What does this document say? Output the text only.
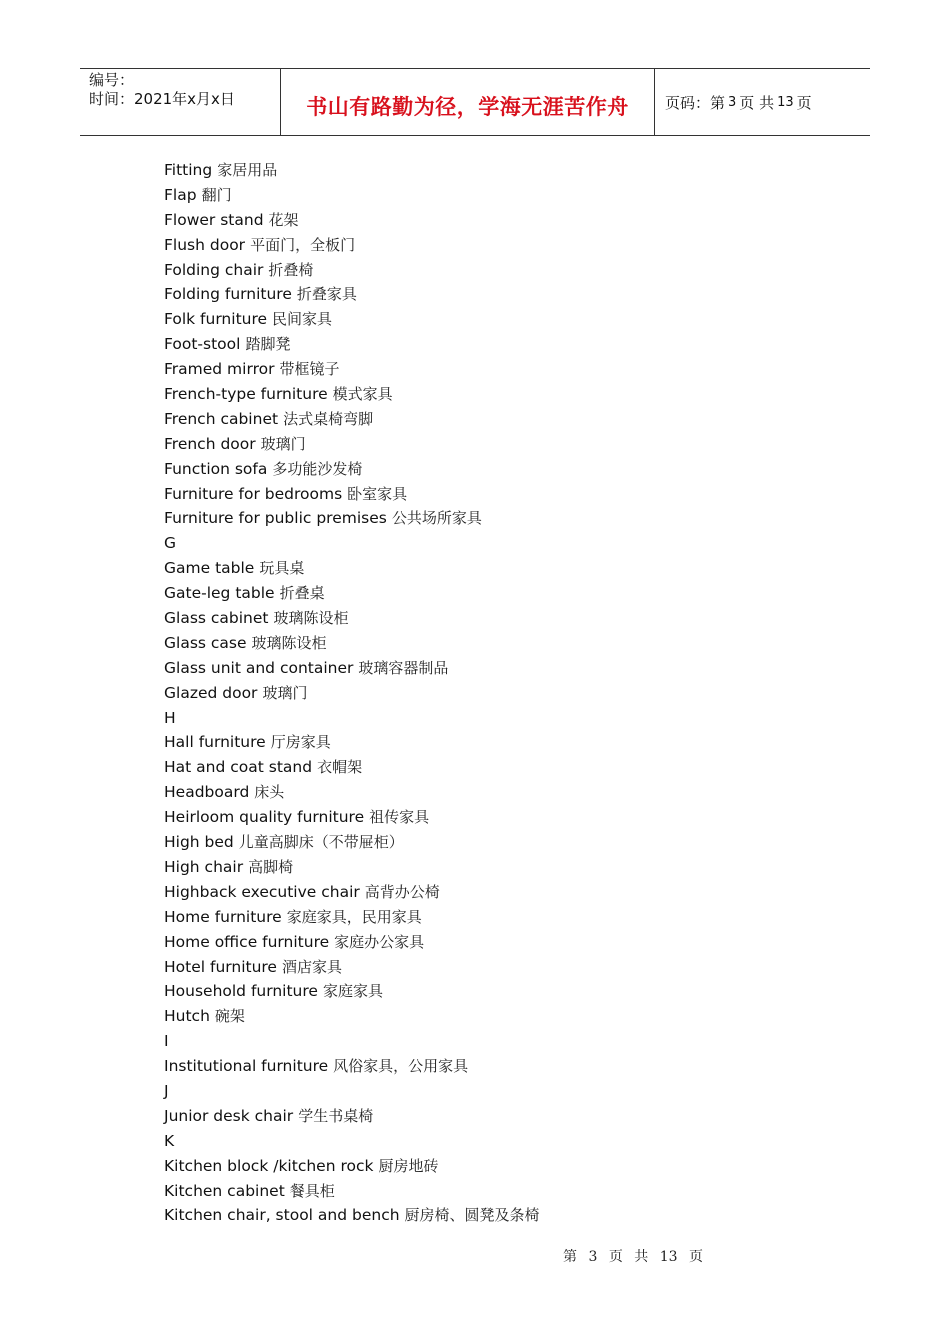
编号：
时间：2021年x月x日	书山有路勤为径，学海无涯苦作舟	页码：第 3 页 共 13 页
Fitting 家居用品
Flap 翻门
Flower stand 花架
Flush door 平面门，全板门
Folding chair 折叠椅
Folding furniture 折叠家具
Folk furniture 民间家具
Foot-stool 踏脚凳
Framed mirror 带框镜子
French-type furniture 模式家具
French cabinet 法式桌椅弯脚
French door 玻璃门
Function sofa 多功能沙发椅
Furniture for bedrooms 卧室家具
Furniture for public premises 公共场所家具
G
Game table 玩具桌
Gate-leg table 折叠桌
Glass cabinet 玻璃陈设柜
Glass case 玻璃陈设柜
Glass unit and container 玻璃容器制品
Glazed door 玻璃门
H
Hall furniture 厅房家具
Hat and coat stand 衣帽架
Headboard 床头
Heirloom quality furniture 祖传家具
High bed 儿童高脚床（不带屉柜）
High chair 高脚椅
Highback executive chair 高背办公椅
Home furniture 家庭家具，民用家具
Home office furniture 家庭办公家具
Hotel furniture 酒店家具
Household furniture 家庭家具
Hutch 碗架
I
Institutional furniture 风俗家具，公用家具
J
Junior desk chair 学生书桌椅
K
Kitchen block /kitchen rock 厨房地砖
Kitchen cabinet 餐具柜
Kitchen chair, stool and bench 厨房椅、圆凳及条椅
第 3 页 共 13 页
